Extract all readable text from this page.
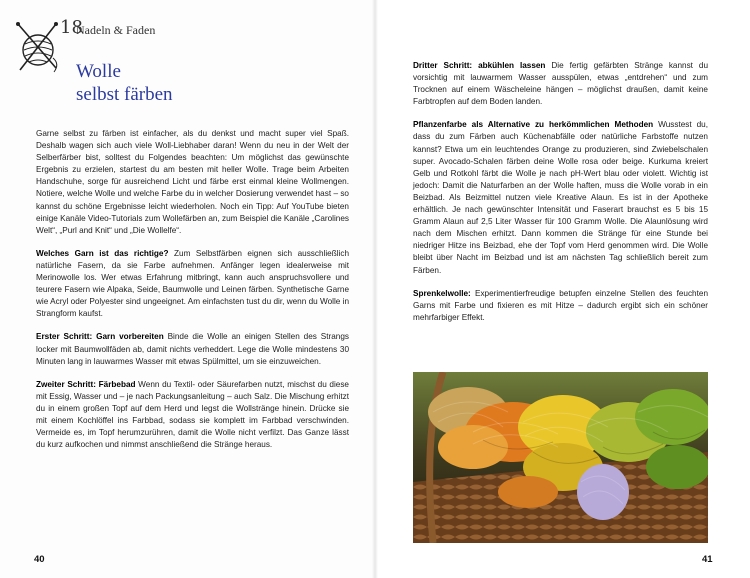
18
Nadeln & Faden
Wolle
selbst färben

Garne selbst zu färben ist einfacher, als du denkst und macht super viel Spaß. Deshalb wagen sich auch viele Woll-Liebhaber daran! Wenn du neu in der Welt der Selberfärber bist, solltest du Folgendes beachten: Um möglichst das gewünschte Ergebnis zu erzielen, startest du am besten mit heller Wolle. Trage beim Arbeiten Handschuhe, sorge für ausreichend Licht und färbe erst einmal kleine Wollmengen. Notiere, welche Wolle und welche Farbe du in welcher Dosierung verwendet hast – so kannst du schöne Ergebnisse leicht wiederholen. Noch ein Tipp: Auf YouTube bieten einige Kanäle Video-Tutorials zum Wollefärben an, zum Beispiel die Kanäle „Carolines Welt“, „Purl and Knit“ und „Die Wollelfe“.

Welches Garn ist das richtige? Zum Selbstfärben eignen sich ausschließlich natürliche Fasern, da sie Farbe aufnehmen. Anfänger legen idealerweise mit Merinowolle los. Wer etwas Erfahrung mitbringt, kann auch anspruchsvollere und teurere Fasern wie Alpaka, Seide, Baumwolle und Leinen färben. Synthetische Garne wie Acryl oder Polyester sind ungeeignet. Am einfachsten tust du dir, wenn du Wolle in Strangform kaufst.

Erster Schritt: Garn vorbereiten Binde die Wolle an einigen Stellen des Strangs locker mit Baumwollfäden ab, damit nichts verheddert. Lege die Wolle mindestens 30 Minuten lang in lauwarmes Wasser mit etwas Spülmittel, um sie einzuweichen.

Zweiter Schritt: Färbebad Wenn du Textil- oder Säurefarben nutzt, mischst du diese mit Essig, Wasser und – je nach Packungsanleitung – auch Salz. Die Mischung erhitzt du in einem großen Topf auf dem Herd und legst die Wollstränge hinein. Drücke sie mit einem Kochlöffel ins Farbbad, sodass sie komplett im Farbbad verschwinden. Vermeide es, im Topf herumzurühren, damit die Wolle nicht verfilzt. Das Ganze lässt du kurz aufkochen und nimmst anschließend die Stränge heraus.

Dritter Schritt: abkühlen lassen Die fertig gefärbten Stränge kannst du vorsichtig mit lauwarmem Wasser ausspülen, etwas „entdrehen“ und zum Trocknen auf einem Wäscheleine hängen – möglichst draußen, damit keine Farbtropfen auf dem Boden landen.

Pflanzenfarbe als Alternative zu herkömmlichen Methoden Wusstest du, dass du zum Färben auch Küchenabfälle oder natürliche Farbstoffe nutzen kannst? Etwa um ein leuchtendes Orange zu produzieren, sind Zwiebelschalen super. Avocado-Schalen färben deine Wolle rosa oder beige. Kurkuma kreiert Gelb und Rotkohl färbt die Wolle je nach pH-Wert blau oder violett. Wichtig ist jedoch: Damit die Naturfarben an der Wolle haften, muss die Wolle vorab in ein Beizbad. Als Beizmittel nutzen viele Kreative Alaun. Es ist in der Apotheke erhältlich. Je nach gewünschter Intensität und Faserart brauchst es 5 bis 15 Gramm Alaun auf 2,5 Liter Wasser für 100 Gramm Wolle. Die Alaunlösung wird nach dem Mischen erhitzt. Dann kommen die Stränge für eine Stunde bei niedriger Hitze ins Beizbad, ehe der Topf vom Herd genommen wird. Die Wolle bleibt über Nacht im Beizbad und ist am nächsten Tag schließlich bereit zum Färben.

Sprenkelwolle: Experimentierfreudige betupfen einzelne Stellen des feuchten Garns mit Farbe und fixieren es mit Hitze – dadurch ergibt sich ein schöner mehrfarbiger Effekt.

40	41
